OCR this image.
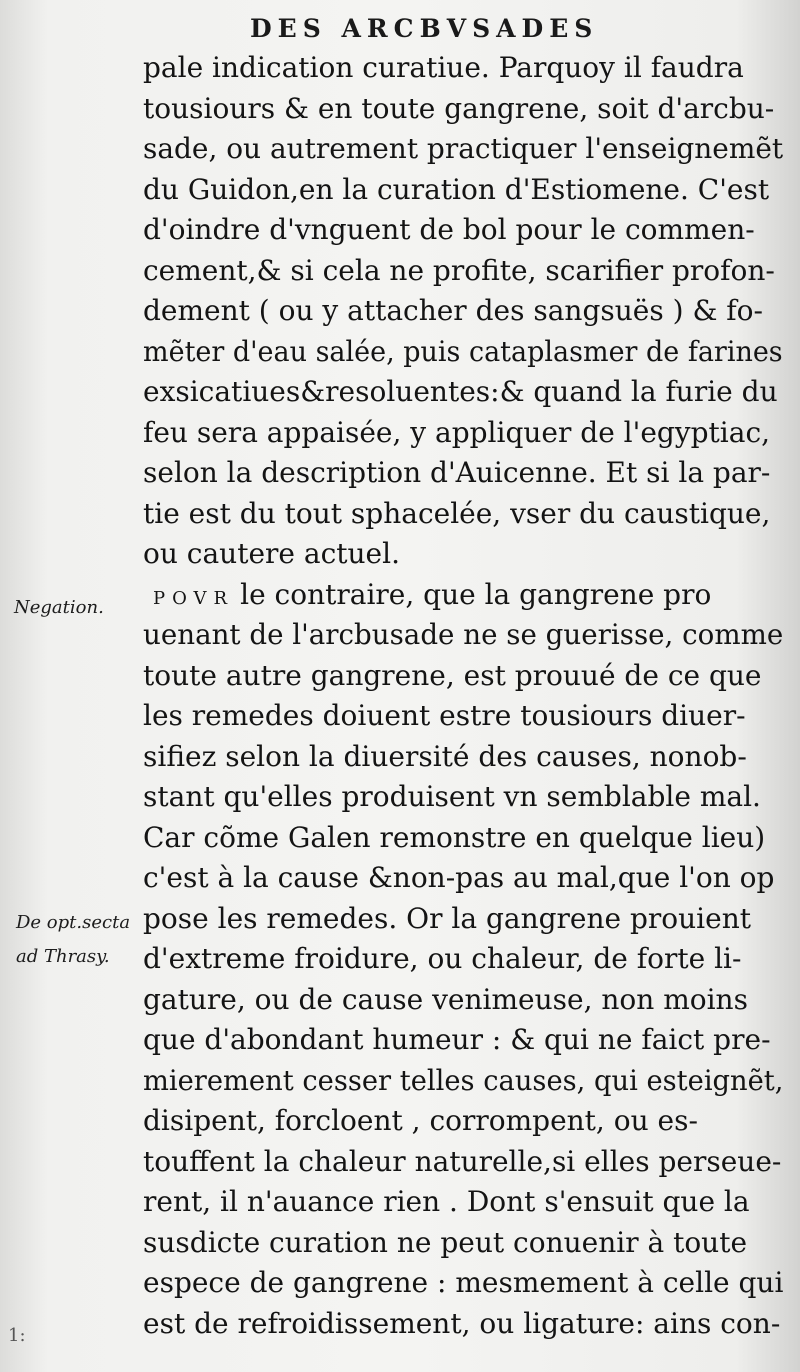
DES ARCBVSADES
Negation.
De opt.secta
ad Thrasy.
pale indication curatiue. Parquoy il faudra
tousiours & en toute gangrene, soit d'arcbu-
sade, ou autrement practiquer l'enseignemẽt
du Guidon,en la curation d'Estiomene. C'est
d'oindre d'vnguent de bol pour le commen-
cement,& si cela ne profite, scarifier profon-
dement ( ou y attacher des sangsuës ) & fo-
mẽter d'eau salée, puis cataplasmer de farines
exsicatiues&resoluentes:& quand la furie du
feu sera appaisée, y appliquer de l'egyptiac,
selon la description d'Auicenne. Et si la par-
tie est du tout sphacelée, vser du caustique,
ou cautere actuel.
POVR le contraire, que la gangrene pro
uenant de l'arcbusade ne se guerisse, comme
toute autre gangrene, est prouué de ce que
les remedes doiuent estre tousiours diuer-
sifiez selon la diuersité des causes, nonob-
stant qu'elles produisent vn semblable mal.
Car cõme Galen remonstre en quelque lieu)
c'est à la cause &non-pas au mal,que l'on op
pose les remedes. Or la gangrene prouient
d'extreme froidure, ou chaleur, de forte li-
gature, ou de cause venimeuse, non moins
que d'abondant humeur : & qui ne faict pre-
mierement cesser telles causes, qui esteignẽt,
disipent, forcloent , corrompent, ou es-
touffent la chaleur naturelle,si elles perseue-
rent, il n'auance rien . Dont s'ensuit que la
susdicte curation ne peut conuenir à toute
espece de gangrene : mesmement à celle qui
est de refroidissement, ou ligature: ains con-
1:
